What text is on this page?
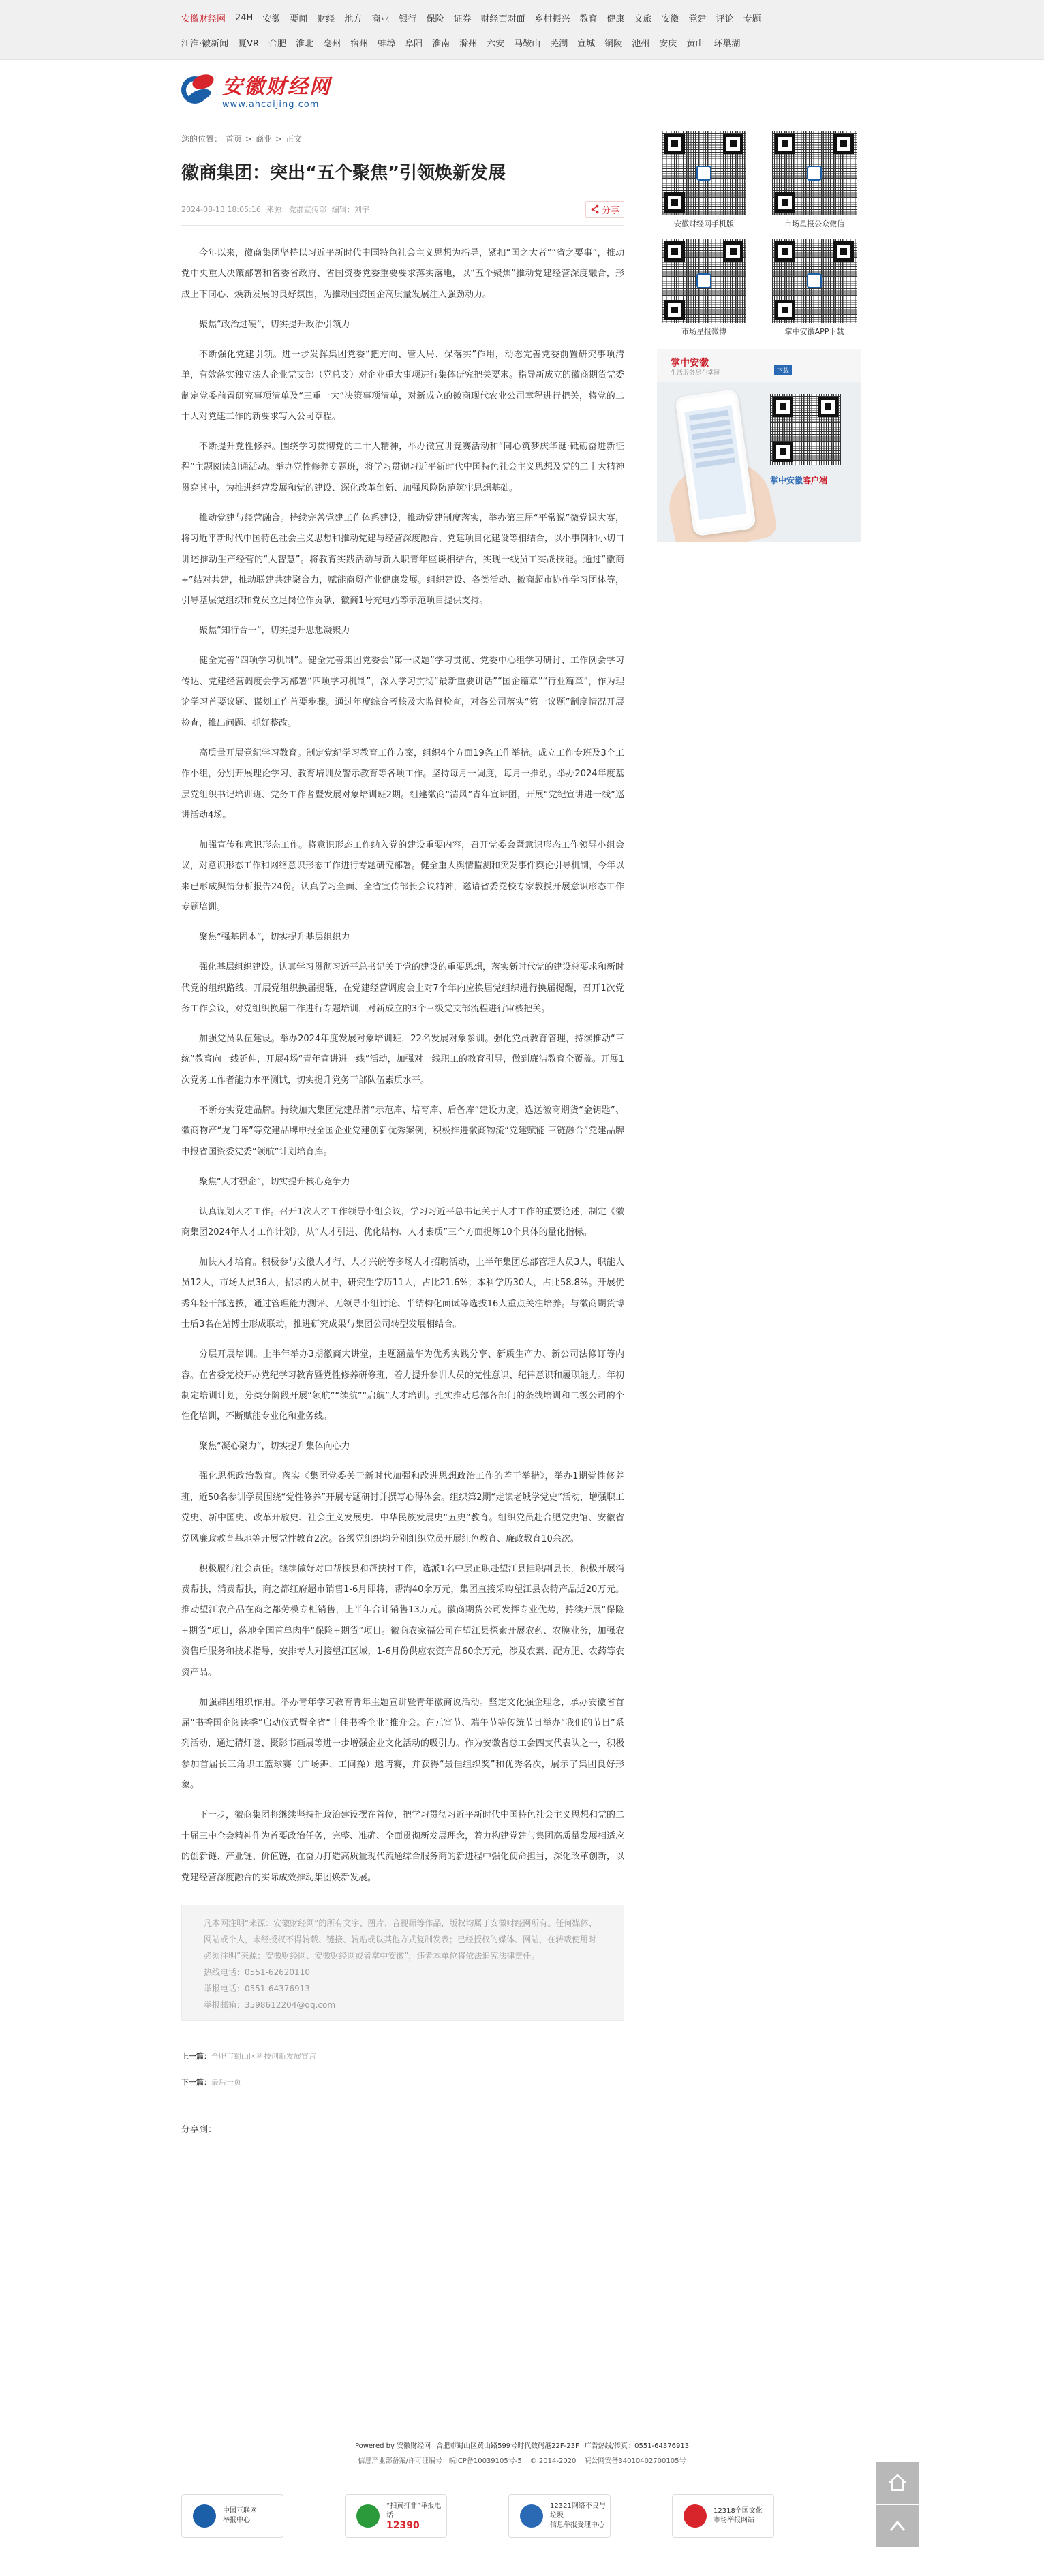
安徽财经网 24H 安徽 要闻 财经 地方 商业 银行 保险 证券 财经面对面 乡村振兴 教育 健康 文旅 安徽 党建 评论 专题
江淮·徽新闻 夏VR 合肥 淮北 亳州 宿州 蚌埠 阜阳 淮南 滁州 六安 马鞍山 芜湖 宣城 铜陵 池州 安庆 黄山 环巢湖
安徽财经网
www.ahcaijing.com
您的位置： 首页 > 商业 > 正文
徽商集团：突出“五个聚焦”引领焕新发展
2024-08-13 18:05:16 来源：党群宣传部 编辑：刘宇	分享

今年以来，徽商集团坚持以习近平新时代中国特色社会主义思想为指导，紧扣“国之大者”“省之要事”，推动党中央重大决策部署和省委省政府、省国资委党委重要要求落实落地，以“五个聚焦”推动党建经营深度融合，形成上下同心、焕新发展的良好氛围，为推动国资国企高质量发展注入强劲动力。

聚焦“政治过硬”，切实提升政治引领力

不断强化党建引领。进一步发挥集团党委“把方向、管大局、保落实”作用，动态完善党委前置研究事项清单，有效落实独立法人企业党支部（党总支）对企业重大事项进行集体研究把关要求。指导新成立的徽商期货党委制定党委前置研究事项清单及“三重一大”决策事项清单，对新成立的徽商现代农业公司章程进行把关，将党的二十大对党建工作的新要求写入公司章程。

不断提升党性修养。围绕学习贯彻党的二十大精神，举办微宣讲竞赛活动和“同心筑梦庆华诞·砥砺奋进新征程”主题阅读朗诵活动。举办党性修养专题班，将学习贯彻习近平新时代中国特色社会主义思想及党的二十大精神贯穿其中，为推进经营发展和党的建设、深化改革创新、加强风险防范筑牢思想基础。

推动党建与经营融合。持续完善党建工作体系建设，推动党建制度落实，举办第三届“平常说”微党课大赛，将习近平新时代中国特色社会主义思想和推动党建与经营深度融合、党建项目化建设等相结合，以小事例和小切口讲述推动生产经营的“大智慧”。将教育实践活动与新入职青年座谈相结合，实现一线员工实战技能。通过“徽商+”结对共建，推动联建共建聚合力，赋能商贸产业健康发展。组织建设、各类活动、徽商超市协作学习团体等，引导基层党组织和党员立足岗位作贡献，徽商1号充电站等示范项目提供支持。

聚焦“知行合一”，切实提升思想凝聚力

健全完善“四项学习机制”。健全完善集团党委会“第一议题”学习贯彻、党委中心组学习研讨、工作例会学习传达、党建经营调度会学习部署“四项学习机制”，深入学习贯彻“最新重要讲话”“国企篇章”“行业篇章”，作为理论学习首要议题、谋划工作首要步骤。通过年度综合考核及大监督检查，对各公司落实“第一议题”制度情况开展检查，推出问题、抓好整改。

高质量开展党纪学习教育。制定党纪学习教育工作方案，组织4个方面19条工作举措。成立工作专班及3个工作小组，分别开展理论学习、教育培训及警示教育等各项工作。坚持每月一调度，每月一推动。举办2024年度基层党组织书记培训班、党务工作者暨发展对象培训班2期。组建徽商“清风”青年宣讲团，开展“党纪宣讲进一线”巡讲活动4场。

加强宣传和意识形态工作。将意识形态工作纳入党的建设重要内容，召开党委会暨意识形态工作领导小组会议，对意识形态工作和网络意识形态工作进行专题研究部署。健全重大舆情监测和突发事件舆论引导机制，今年以来已形成舆情分析报告24份。认真学习全面、全省宣传部长会议精神，邀请省委党校专家教授开展意识形态工作专题培训。

聚焦“强基固本”，切实提升基层组织力

强化基层组织建设。认真学习贯彻习近平总书记关于党的建设的重要思想，落实新时代党的建设总要求和新时代党的组织路线。开展党组织换届提醒，在党建经营调度会上对7个年内应换届党组织进行换届提醒，召开1次党务工作会议，对党组织换届工作进行专题培训，对新成立的3个三级党支部流程进行审核把关。

加强党员队伍建设。举办2024年度发展对象培训班，22名发展对象参训。强化党员教育管理，持续推动“三统”教育向一线延伸，开展4场“青年宣讲进一线”活动，加强对一线职工的教育引导，做到廉洁教育全覆盖。开展1次党务工作者能力水平测试，切实提升党务干部队伍素质水平。

不断夯实党建品牌。持续加大集团党建品牌“示范库、培育库、后备库”建设力度，选送徽商期货“金钥匙”、徽商物产“龙门阵”等党建品牌申报全国企业党建创新优秀案例，积极推进徽商物流“党建赋能 三链融合”党建品牌申报省国资委党委“领航”计划培育库。

聚焦“人才强企”，切实提升核心竞争力

认真谋划人才工作。召开1次人才工作领导小组会议，学习习近平总书记关于人才工作的重要论述，制定《徽商集团2024年人才工作计划》，从“人才引进、优化结构、人才素质”三个方面提炼10个具体的量化指标。

加快人才培育。积极参与安徽人才行、人才兴皖等多场人才招聘活动，上半年集团总部管理人员3人，职能人员12人，市场人员36人，招录的人员中，研究生学历11人，占比21.6%；本科学历30人，占比58.8%。开展优秀年轻干部选拔，通过管理能力测评、无领导小组讨论、半结构化面试等选拔16人重点关注培养。与徽商期货博士后3名在站博士形成联动，推进研究成果与集团公司转型发展相结合。

分层开展培训。上半年举办3期徽商大讲堂，主题涵盖华为优秀实践分享、新质生产力、新公司法修订等内容。在省委党校开办党纪学习教育暨党性修养研修班，着力提升参训人员的党性意识、纪律意识和履职能力。年初制定培训计划，分类分阶段开展“领航”“续航”“启航”人才培训。扎实推动总部各部门的条线培训和二级公司的个性化培训，不断赋能专业化和业务线。

聚焦“凝心聚力”，切实提升集体向心力

强化思想政治教育。落实《集团党委关于新时代加强和改进思想政治工作的若干举措》，举办1期党性修养班，近50名参训学员围绕“党性修养”开展专题研讨并撰写心得体会。组织第2期“走读老城学党史”活动，增强职工党史、新中国史、改革开放史、社会主义发展史、中华民族发展史“五史”教育。组织党员赴合肥党史馆、安徽省党风廉政教育基地等开展党性教育2次。各级党组织均分别组织党员开展红色教育、廉政教育10余次。

积极履行社会责任。继续做好对口帮扶县和帮扶村工作，选派1名中层正职赴望江县挂职副县长，积极开展消费帮扶，消费帮扶，商之都红府超市销售1-6月即将，帮淘40余万元，集团直接采购望江县农特产品近20万元。推动望江农产品在商之都劳模专柜销售，上半年合计销售13万元。徽商期货公司发挥专业优势，持续开展“保险+期货”项目，落地全国首单肉牛“保险+期货”项目。徽商农家福公司在望江县探索开展农药、农膜业务，加强农资售后服务和技术指导，安排专人对接望江区域，1-6月份供应农资产品60余万元，涉及农素、配方肥、农药等农资产品。

加强群团组织作用。举办青年学习教育青年主题宣讲暨青年徽商说活动。坚定文化强企理念，承办安徽省首届“书香国企阅读季”启动仪式暨全省“十佳书香企业”推介会。在元宵节、端午节等传统节日举办“我们的节日”系列活动，通过猜灯谜、摄影书画展等进一步增强企业文化活动的吸引力。作为安徽省总工会四支代表队之一，积极参加首届长三角职工篮球赛（广场舞、工间操）邀请赛，并获得“最佳组织奖”和优秀名次，展示了集团良好形象。

下一步，徽商集团将继续坚持把政治建设摆在首位，把学习贯彻习近平新时代中国特色社会主义思想和党的二十届三中全会精神作为首要政治任务，完整、准确、全面贯彻新发展理念，着力构建党建与集团高质量发展相适应的创新链、产业链、价值链，在奋力打造高质量现代流通综合服务商的新进程中强化使命担当，深化改革创新，以党建经营深度融合的实际成效推动集团焕新发展。

凡本网注明“来源：安徽财经网”的所有文字、图片、音视频等作品，版权均属于安徽财经网所有。任何媒体、网站或个人，未经授权不得转载、链接、转贴或以其他方式复制发表；已经授权的媒体、网站，在转载使用时必须注明“来源：安徽财经网、安徽财经网或者掌中安徽”，违者本单位将依法追究法律责任。
热线电话：0551-62620110
举报电话：0551-64376913
举报邮箱：3598612204@qq.com
上一篇：合肥市蜀山区科技创新发展宣言
下一篇：最后一页
分享到：
安徽财经网手机版	市场星报公众微信
市场星报微博	掌中安徽APP下载
掌中安徽
生活服务尽在掌握	下载
掌中安徽客户端
Powered by 安徽财经网 合肥市蜀山区黄山路599号时代数码港22F-23F 广告热线/传真：0551-64376913
信息产业部备案/许可证编号：皖ICP备10039105号-5 © 2014-2020 皖公网安备34010402700105号
中国互联网
举报中心
“扫黄打非”举报电话
12390
12321网络不良与垃圾
信息举报受理中心
12318全国文化
市场举报网站
